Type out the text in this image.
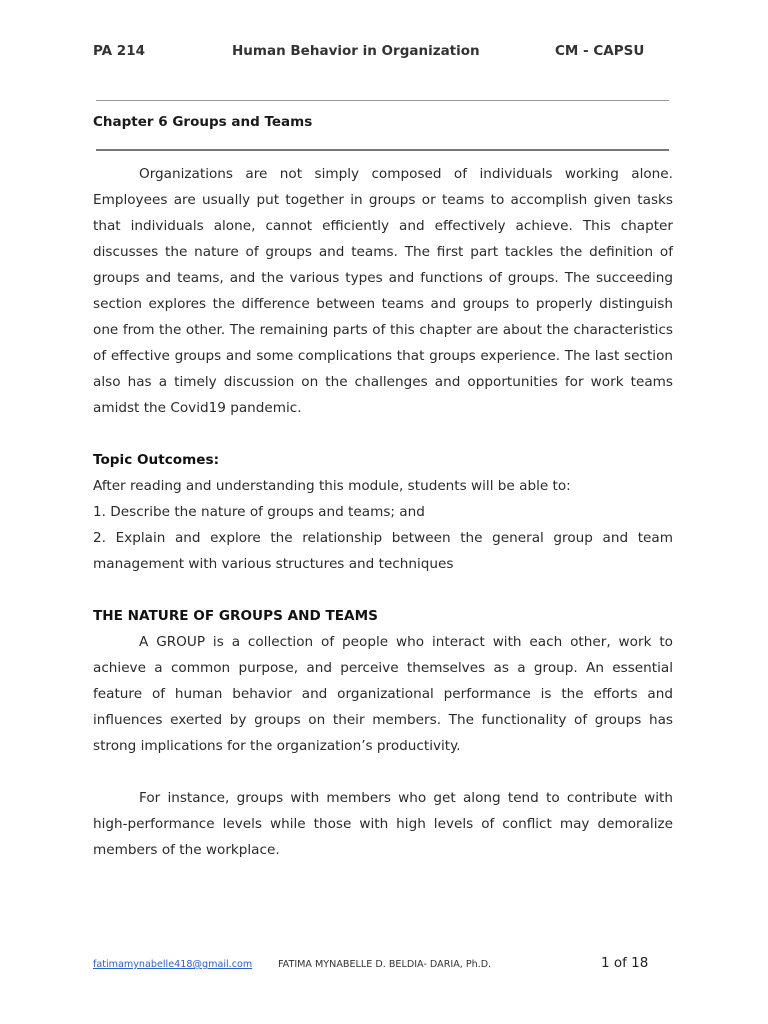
PA 214	Human Behavior in Organization	CM - CAPSU
Chapter 6 Groups and Teams

Organizations are not simply composed of individuals working alone. Employees are usually put together in groups or teams to accomplish given tasks that individuals alone, cannot efficiently and effectively achieve. This chapter discusses the nature of groups and teams. The first part tackles the definition of groups and teams, and the various types and functions of groups. The succeeding section explores the difference between teams and groups to properly distinguish one from the other. The remaining parts of this chapter are about the characteristics of effective groups and some complications that groups experience. The last section also has a timely discussion on the challenges and opportunities for work teams amidst the Covid19 pandemic.

Topic Outcomes:

After reading and understanding this module, students will be able to:

1. Describe the nature of groups and teams; and

2. Explain and explore the relationship between the general group and team management with various structures and techniques

THE NATURE OF GROUPS AND TEAMS

A GROUP is a collection of people who interact with each other, work to achieve a common purpose, and perceive themselves as a group. An essential feature of human behavior and organizational performance is the efforts and influences exerted by groups on their members. The functionality of groups has strong implications for the organization’s productivity.

For instance, groups with members who get along tend to contribute with high-performance levels while those with high levels of conflict may demoralize members of the workplace.

fatimamynabelle418@gmail.com	FATIMA MYNABELLE D. BELDIA- DARIA, Ph.D.	1 of 18
